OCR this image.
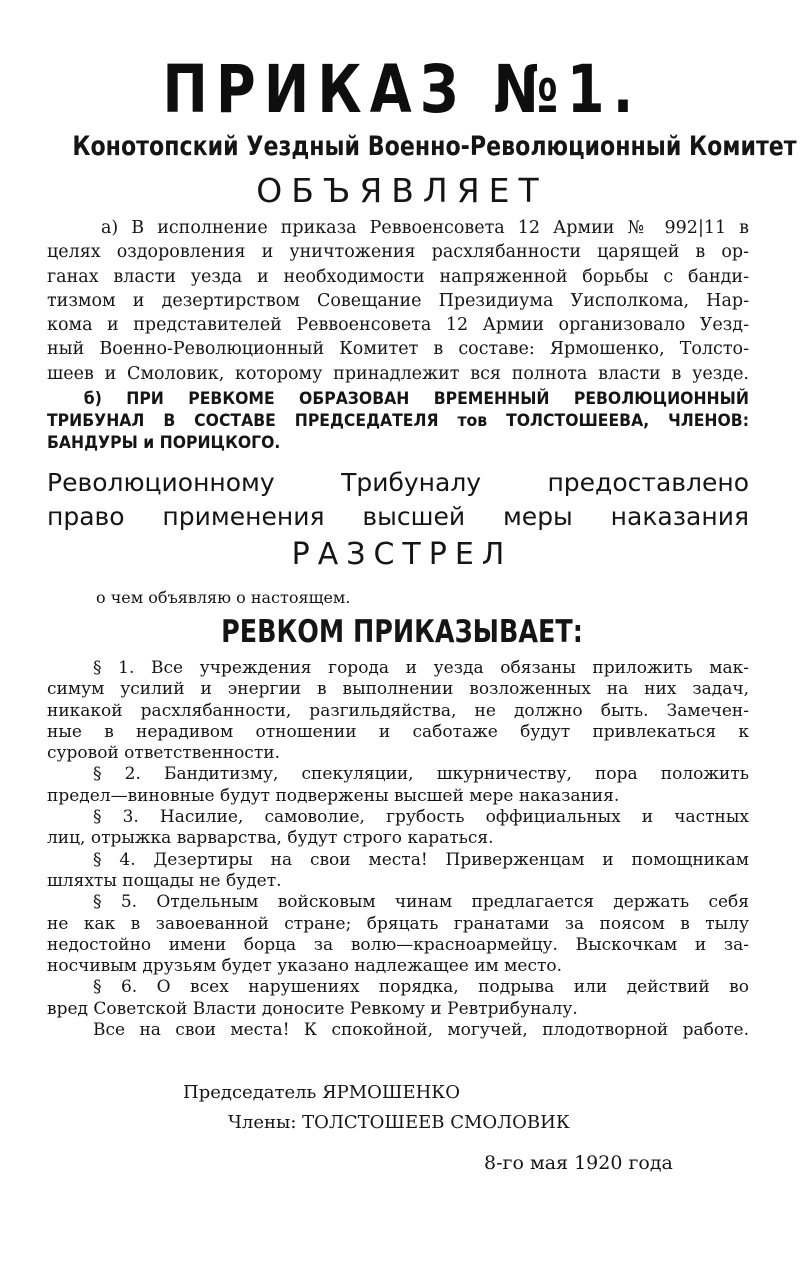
ПРИКАЗ №1.
Конотопский Уездный Военно-Революционный Комитет
ОБЪЯВЛЯЕТ
а) В исполнение приказа Реввоенсовета 12 Армии № 992|11 в
целях оздоровления и уничтожения расхлябанности царящей в ор-
ганах власти уезда и необходимости напряженной борьбы с банди-
тизмом и дезертирством Совещание Президиума Уисполкома, Нар-
кома и представителей Реввоенсовета 12 Армии организовало Уезд-
ный Военно-Революционный Комитет в составе: Ярмошенко, Толсто-
шеев и Смоловик, которому принадлежит вся полнота власти в уезде.
б) ПРИ РЕВКОМЕ ОБРАЗОВАН ВРЕМЕННЫЙ РЕВОЛЮЦИОННЫЙ
ТРИБУНАЛ В СОСТАВЕ ПРЕДСЕДАТЕЛЯ тов ТОЛСТОШЕЕВА, ЧЛЕНОВ:
БАНДУРЫ и ПОРИЦКОГО.
Революционному Трибуналу предоставлено
право применения высшей меры наказания
РАЗСТРЕЛ
о чем объявляю о настоящем.
РЕВКОМ ПРИКАЗЫВАЕТ:
§ 1. Все учреждения города и уезда обязаны приложить мак-
симум усилий и энергии в выполнении возложенных на них задач,
никакой расхлябанности, разгильдяйства, не должно быть. Замечен-
ные в нерадивом отношении и саботаже будут привлекаться к
суровой ответственности.
§ 2. Бандитизму, спекуляции, шкурничеству, пора положить
предел—виновные будут подвержены высшей мере наказания.
§ 3. Насилие, самоволие, грубость оффициальных и частных
лиц, отрыжка варварства, будут строго караться.
§ 4. Дезертиры на свои места! Приверженцам и помощникам
шляхты пощады не будет.
§ 5. Отдельным войсковым чинам предлагается держать себя
не как в завоеванной стране; бряцать гранатами за поясом в тылу
недостойно имени борца за волю—красноармейцу. Выскочкам и за-
носчивым друзьям будет указано надлежащее им место.
§ 6. О всех нарушениях порядка, подрыва или действий во
вред Советской Власти доносите Ревкому и Ревтрибуналу.
Все на свои места! К спокойной, могучей, плодотворной работе.
Председатель ЯРМОШЕНКО
Члены: ТОЛСТОШЕЕВ СМОЛОВИК
8-го мая 1920 года
